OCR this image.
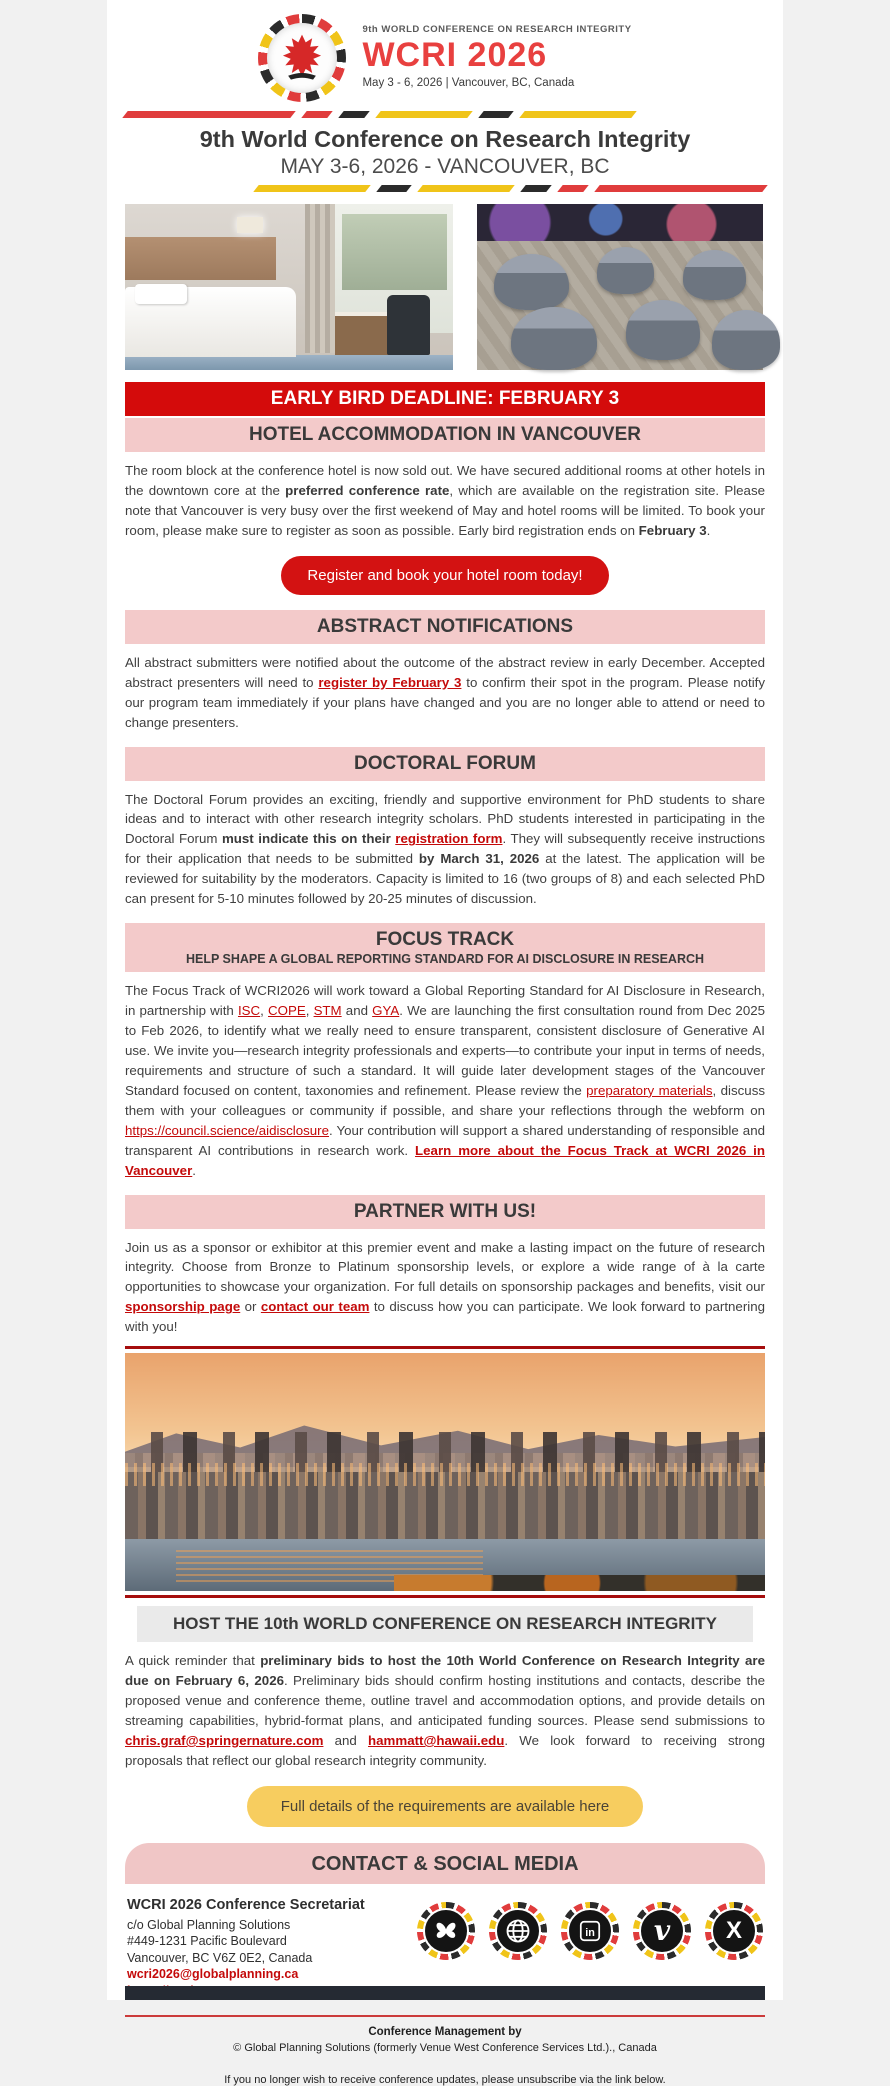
9th WORLD CONFERENCE ON RESEARCH INTEGRITY
WCRI 2026
May 3 - 6, 2026 | Vancouver, BC, Canada
9th World Conference on Research Integrity
MAY 3-6, 2026 - VANCOUVER, BC
EARLY BIRD DEADLINE: FEBRUARY 3
HOTEL ACCOMMODATION IN VANCOUVER

The room block at the conference hotel is now sold out. We have secured additional rooms at other hotels in the downtown core at the preferred conference rate, which are available on the registration site. Please note that Vancouver is very busy over the first weekend of May and hotel rooms will be limited. To book your room, please make sure to register as soon as possible. Early bird registration ends on February 3.

Register and book your hotel room today!
ABSTRACT NOTIFICATIONS

All abstract submitters were notified about the outcome of the abstract review in early December. Accepted abstract presenters will need to register by February 3 to confirm their spot in the program. Please notify our program team immediately if your plans have changed and you are no longer able to attend or need to change presenters.

DOCTORAL FORUM

The Doctoral Forum provides an exciting, friendly and supportive environment for PhD students to share ideas and to interact with other research integrity scholars. PhD students interested in participating in the Doctoral Forum must indicate this on their registration form. They will subsequently receive instructions for their application that needs to be submitted by March 31, 2026 at the latest. The application will be reviewed for suitability by the moderators. Capacity is limited to 16 (two groups of 8) and each selected PhD can present for 5-10 minutes followed by 20-25 minutes of discussion.

FOCUS TRACK
HELP SHAPE A GLOBAL REPORTING STANDARD FOR AI DISCLOSURE IN RESEARCH

The Focus Track of WCRI2026 will work toward a Global Reporting Standard for AI Disclosure in Research, in partnership with ISC, COPE, STM and GYA. We are launching the first consultation round from Dec 2025 to Feb 2026, to identify what we really need to ensure transparent, consistent disclosure of Generative AI use. We invite you—research integrity professionals and experts—to contribute your input in terms of needs, requirements and structure of such a standard. It will guide later development stages of the Vancouver Standard focused on content, taxonomies and refinement. Please review the preparatory materials, discuss them with your colleagues or community if possible, and share your reflections through the webform on https://council.science/aidisclosure. Your contribution will support a shared understanding of responsible and transparent AI contributions in research work. Learn more about the Focus Track at WCRI 2026 in Vancouver.

PARTNER WITH US!

Join us as a sponsor or exhibitor at this premier event and make a lasting impact on the future of research integrity. Choose from Bronze to Platinum sponsorship levels, or explore a wide range of à la carte opportunities to showcase your organization. For full details on sponsorship packages and benefits, visit our sponsorship page or contact our team to discuss how you can participate. We look forward to partnering with you!

HOST THE 10th WORLD CONFERENCE ON RESEARCH INTEGRITY

A quick reminder that preliminary bids to host the 10th World Conference on Research Integrity are due on February 6, 2026. Preliminary bids should confirm hosting institutions and contacts, describe the proposed venue and conference theme, outline travel and accommodation options, and provide details on streaming capabilities, hybrid-format plans, and anticipated funding sources. Please send submissions to chris.graf@springernature.com and hammatt@hawaii.edu. We look forward to receiving strong proposals that reflect our global research integrity community.

Full details of the requirements are available here
CONTACT & SOCIAL MEDIA
WCRI 2026 Conference Secretariat
c/o Global Planning Solutions
#449-1231 Pacific Boulevard
Vancouver, BC V6Z 0E2, Canada
wcri2026@globalplanning.ca
in v X
Conference Management by
© Global Planning Solutions (formerly Venue West Conference Services Ltd.)., Canada
If you no longer wish to receive conference updates, please unsubscribe via the link below.
